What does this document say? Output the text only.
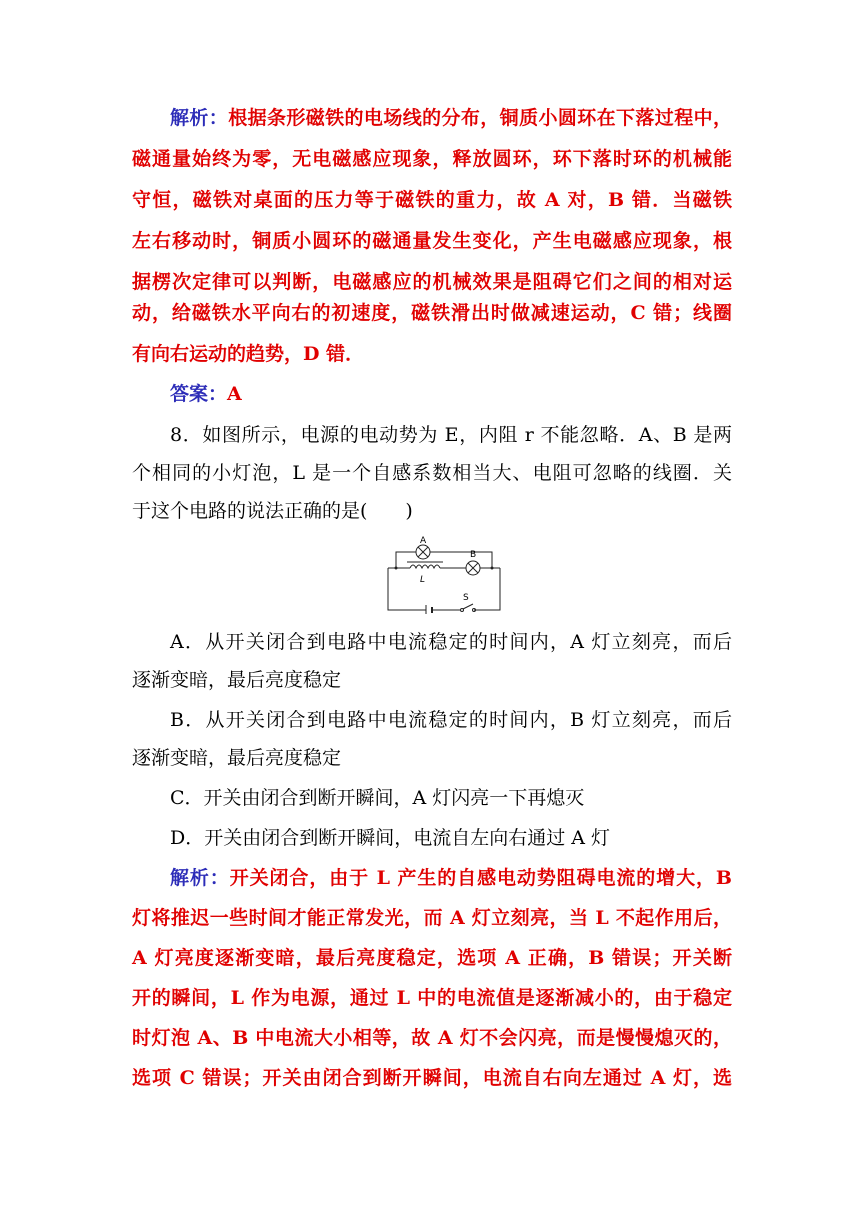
解析：根据条形磁铁的电场线的分布，铜质小圆环在下落过程中，
磁通量始终为零，无电磁感应现象，释放圆环，环下落时环的机械能
守恒，磁铁对桌面的压力等于磁铁的重力，故 A 对，B 错．当磁铁
左右移动时，铜质小圆环的磁通量发生变化，产生电磁感应现象，根
据楞次定律可以判断，电磁感应的机械效果是阻碍它们之间的相对运
动，给磁铁水平向右的初速度，磁铁滑出时做减速运动，C 错；线圈
有向右运动的趋势，D 错．
答案：A
8．如图所示，电源的电动势为 E，内阻 r 不能忽略．A、B 是两
个相同的小灯泡，L 是一个自感系数相当大、电阻可忽略的线圈．关
于这个电路的说法正确的是(　　)
A
B
L
S
A．从开关闭合到电路中电流稳定的时间内，A 灯立刻亮，而后
逐渐变暗，最后亮度稳定
B．从开关闭合到电路中电流稳定的时间内，B 灯立刻亮，而后
逐渐变暗，最后亮度稳定
C．开关由闭合到断开瞬间，A 灯闪亮一下再熄灭
D．开关由闭合到断开瞬间，电流自左向右通过 A 灯
解析：开关闭合，由于 L 产生的自感电动势阻碍电流的增大，B
灯将推迟一些时间才能正常发光，而 A 灯立刻亮，当 L 不起作用后，
A 灯亮度逐渐变暗，最后亮度稳定，选项 A 正确，B 错误；开关断
开的瞬间，L 作为电源，通过 L 中的电流值是逐渐减小的，由于稳定
时灯泡 A、B 中电流大小相等，故 A 灯不会闪亮，而是慢慢熄灭的，
选项 C 错误；开关由闭合到断开瞬间，电流自右向左通过 A 灯，选
